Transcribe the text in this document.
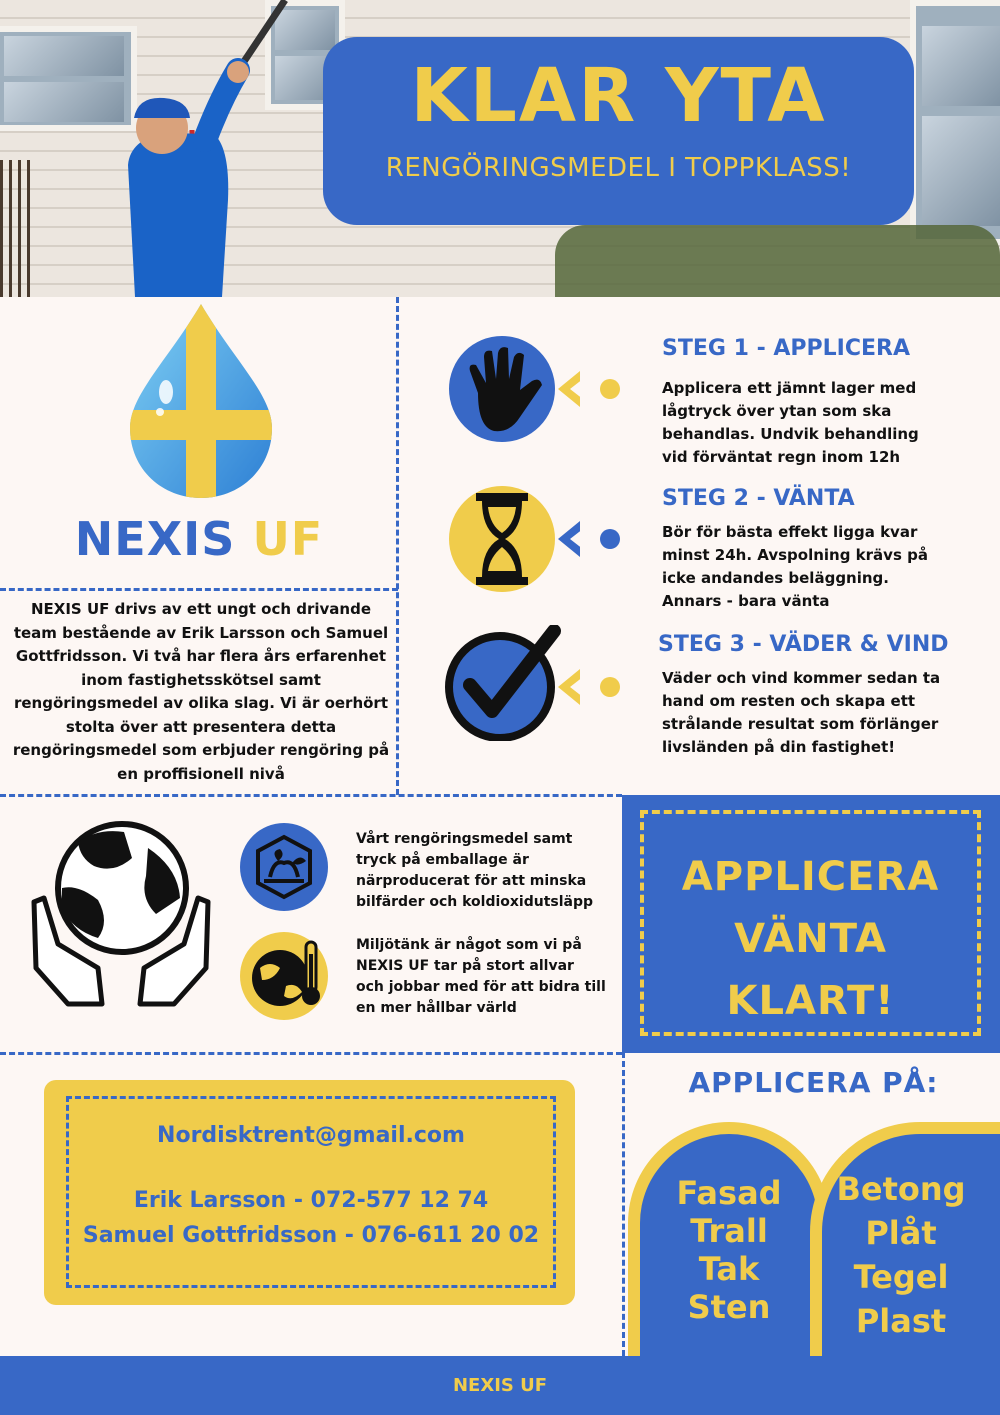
KLAR YTA
RENGÖRINGSMEDEL I TOPPKLASS!
NEXIS UF
NEXIS UF drivs av ett ungt och drivande team bestående av Erik Larsson och Samuel Gottfridsson. Vi två har flera års erfarenhet inom fastighetsskötsel samt rengöringsmedel av olika slag. Vi är oerhört stolta över att presentera detta rengöringsmedel som erbjuder rengöring på en proffisionell nivå
STEG 1 - APPLICERA
Applicera ett jämnt lager med lågtryck över ytan som ska behandlas. Undvik behandling vid förväntat regn inom 12h
STEG 2 - VÄNTA
Bör för bästa effekt ligga kvar minst 24h. Avspolning krävs på icke andandes beläggning. Annars - bara vänta
STEG 3 - VÄDER & VIND
Väder och vind kommer sedan ta hand om resten och skapa ett strålande resultat som förlänger livsländen på din fastighet!
Vårt rengöringsmedel samt tryck på emballage är närproducerat för att minska bilfärder och koldioxidutsläpp
Miljötänk är något som vi på NEXIS UF tar på stort allvar och jobbar med för att bidra till en mer hållbar värld
APPLICERA
VÄNTA
KLART!
Nordisktrent@gmail.com
Erik Larsson - 072-577 12 74
Samuel Gottfridsson - 076-611 20 02
APPLICERA PÅ:
Fasad
Trall
Tak
Sten
Betong
Plåt
Tegel
Plast
NEXIS UF
